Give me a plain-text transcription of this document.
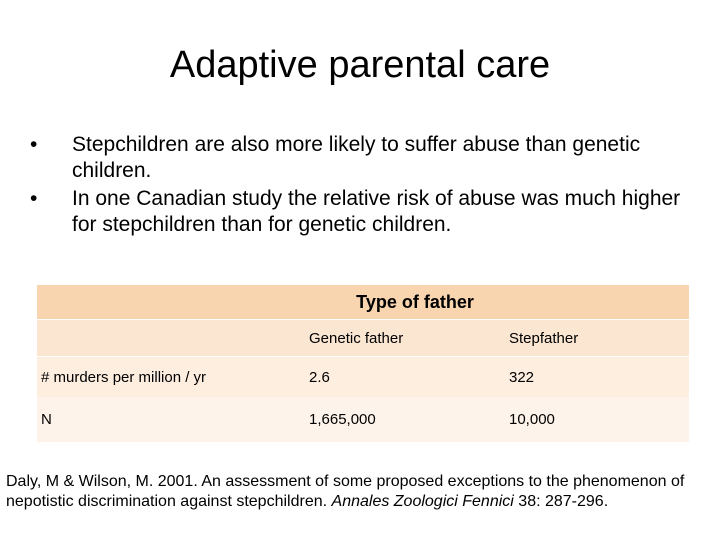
Adaptive parental care
•	Stepchildren are also more likely to suffer abuse than genetic children.
•	In one Canadian study the relative risk of abuse was much higher for stepchildren than for genetic children.
Type of father		
	Genetic father	Stepfather
# murders per million / yr	2.6	322
N	1,665,000	10,000
Daly, M & Wilson, M. 2001. An assessment of some proposed exceptions to the phenomenon of nepotistic discrimination against stepchildren. Annales Zoologici Fennici 38: 287-296.
